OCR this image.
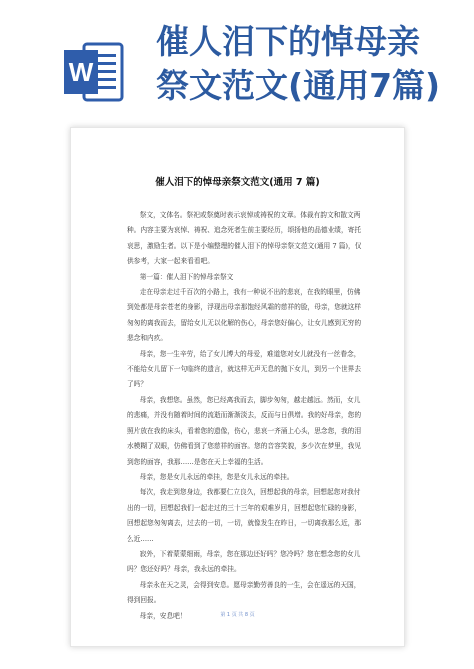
W
催人泪下的悼母亲
祭文范文(通用7篇)
催人泪下的悼母亲祭文范文(通用 7 篇)

祭文，文体名。祭祀或祭奠时表示哀悼或祷祝的文章。体裁有韵文和散文两种。内容主要为哀悼、祷祝、追念死者生前主要经历，颂扬他的品德业绩，寄托哀思，激励生者。以下是小编整理的催人泪下的悼母亲祭文范文(通用 7 篇)，仅供参考，大家一起来看看吧。

第一篇：催人泪下的悼母亲祭文

走在母亲走过千百次的小路上，我有一种说不出的悲哀，在我的眼里，仿佛到处都是母亲苍老的身影，浮现出母亲那饱经风霜的慈祥的脸，母亲，您就这样匆匆的离我而去，留给女儿无以化解的伤心，母亲您好偏心，让女儿感到无穷的悲念和内疚。

母亲，您一生辛劳，给了女儿博大的母爱，难道您对女儿就没有一丝眷念，不能给女儿留下一句临终的遗言，就这样无声无息的抛下女儿，到另一个世界去了吗？

母亲，我想您。虽然，您已经离我而去，脚步匆匆，越走越远。然而，女儿的悲痛，并没有随着时间的流逝而渐渐淡去，反而与日俱增。我的好母亲，您的照片放在我的床头，看着您的遗像，伤心，悲哀一齐涌上心头，思念您，我的泪水模糊了双眼，仿佛看到了您慈祥的面容。您的音容笑貌，多少次在梦里，我见到您的面容，我那……是您在天上幸福的生活。

母亲，您是女儿永远的牵挂，您是女儿永远的牵挂。

每次，我走到您身边，我都要仁立良久，回想起我的母亲，回想起您对我付出的一切，回想起我们一起走过的三十三年的艰难岁月，回想起您忙碌的身影，回想起您匆匆离去，过去的一切，一切，就像发生在昨日，一切离我那么近，那么近……

寂外，下着蒙蒙细雨，母亲，您在那边还好吗？您冷吗？您在想念您的女儿吗？您还好吗？母亲，我永远的牵挂。

母亲永在天之灵，会得到安息。愿母亲勤劳善良的一生，会在遥远的天国，得到回报。

母亲，安息吧！	第 1 页 共 8 页
